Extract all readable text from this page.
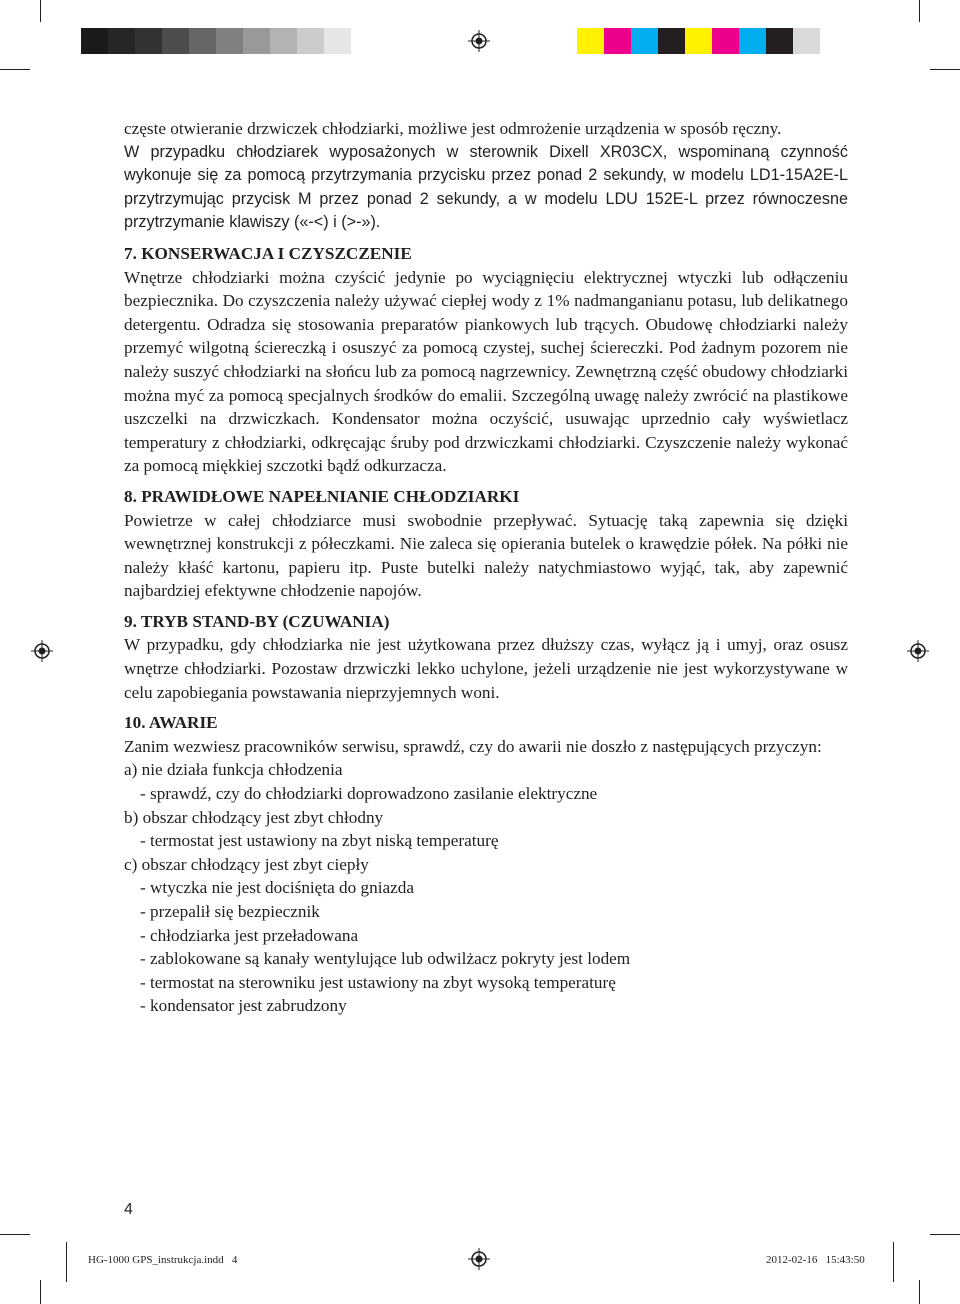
częste otwieranie drzwiczek chłodziarki, możliwe jest odmrożenie urządzenia w sposób ręczny.

W przypadku chłodziarek wyposażonych w sterownik Dixell XR03CX, wspominaną czynność wykonuje się za pomocą przytrzymania przycisku przez ponad 2 sekundy, w modelu LD1-15A2E-L przytrzymując przycisk M przez ponad 2 sekundy, a w modelu LDU 152E-L przez równoczesne przytrzymanie klawiszy («-<) i (>-»).

7. KONSERWACJA I CZYSZCZENIE

Wnętrze chłodziarki można czyścić jedynie po wyciągnięciu elektrycznej wtyczki lub odłączeniu bezpiecznika. Do czyszczenia należy używać ciepłej wody z 1% nadmanganianu potasu, lub delikatnego detergentu. Odradza się stosowania preparatów piankowych lub trących. Obudowę chłodziarki należy przemyć wilgotną ściereczką i osuszyć za pomocą czystej, suchej ściereczki. Pod żadnym pozorem nie należy suszyć chłodziarki na słońcu lub za pomocą nagrzewnicy. Zewnętrzną część obudowy chłodziarki można myć za pomocą specjalnych środków do emalii. Szczególną uwagę należy zwrócić na plastikowe uszczelki na drzwiczkach. Kondensator można oczyścić, usuwając uprzednio cały wyświetlacz temperatury z chłodziarki, odkręcając śruby pod drzwiczkami chłodziarki. Czyszczenie należy wykonać za pomocą miękkiej szczotki bądź odkurzacza.

8. PRAWIDŁOWE NAPEŁNIANIE CHŁODZIARKI

Powietrze w całej chłodziarce musi swobodnie przepływać. Sytuację taką zapewnia się dzięki wewnętrznej konstrukcji z półeczkami. Nie zaleca się opierania butelek o krawędzie półek. Na półki nie należy kłaść kartonu, papieru itp. Puste butelki należy natychmiastowo wyjąć, tak, aby zapewnić najbardziej efektywne chłodzenie napojów.

9. TRYB STAND-BY (CZUWANIA)

W przypadku, gdy chłodziarka nie jest użytkowana przez dłuższy czas, wyłącz ją i umyj, oraz osusz wnętrze chłodziarki. Pozostaw drzwiczki lekko uchylone, jeżeli urządzenie nie jest wykorzystywane w celu zapobiegania powstawania nieprzyjemnych woni.

10. AWARIE

Zanim wezwiesz pracowników serwisu, sprawdź, czy do awarii nie doszło z następujących przyczyn:

a) nie działa funkcja chłodzenia
- sprawdź, czy do chłodziarki doprowadzono zasilanie elektryczne
b) obszar chłodzący jest zbyt chłodny
- termostat jest ustawiony na zbyt niską temperaturę
c) obszar chłodzący jest zbyt ciepły
- wtyczka nie jest dociśnięta do gniazda
- przepalił się bezpiecznik
- chłodziarka jest przeładowana
- zablokowane są kanały wentylujące lub odwilżacz pokryty jest lodem
- termostat na sterowniku jest ustawiony na zbyt wysoką temperaturę
- kondensator jest zabrudzony
4
HG-1000 GPS_instrukcja.indd   4	2012-02-16   15:43:50
